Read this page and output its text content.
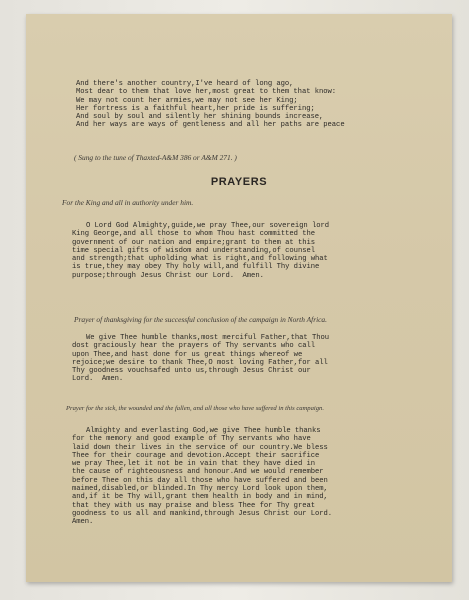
And there's another country,I've heard of long ago,
Most dear to them that love her,most great to them that know:
We may not count her armies,we may not see her King;
Her fortress is a faithful heart,her pride is suffering;
And soul by soul and silently her shining bounds increase,
And her ways are ways of gentleness and all her paths are peace
( Sung to the tune of Thaxted-A&M 386 or A&M 271. )
PRAYERS
For the King and all in authority under him.
O Lord God Almighty,guide,we pray Thee,our sovereign lord
King George,and all those to whom Thou hast committed the
government of our nation and empire;grant to them at this
time special gifts of wisdom and understanding,of counsel
and strength;that upholding what is right,and following what
is true,they may obey Thy holy will,and fulfill Thy divine
purpose;through Jesus Christ our Lord.  Amen.
Prayer of thanksgiving for the successful conclusion of the campaign in North Africa.
We give Thee humble thanks,most merciful Father,that Thou
dost graciously hear the prayers of Thy servants who call
upon Thee,and hast done for us great things whereof we
rejoice;we desire to thank Thee,O most loving Father,for all
Thy goodness vouchsafed unto us,through Jesus Christ our
Lord.  Amen.
Prayer for the sick, the wounded and the fallen, and all those who have suffered in this campaign.
Almighty and everlasting God,we give Thee humble thanks
for the memory and good example of Thy servants who have
laid down their lives in the service of our country.We bless
Thee for their courage and devotion.Accept their sacrifice
we pray Thee,let it not be in vain that they have died in
the cause of righteousness and honour.And we would remember
before Thee on this day all those who have suffered and been
maimed,disabled,or blinded.In Thy mercy Lord look upon them,
and,if it be Thy will,grant them health in body and in mind,
that they with us may praise and bless Thee for Thy great
goodness to us all and mankind,through Jesus Christ our Lord.
Amen.
